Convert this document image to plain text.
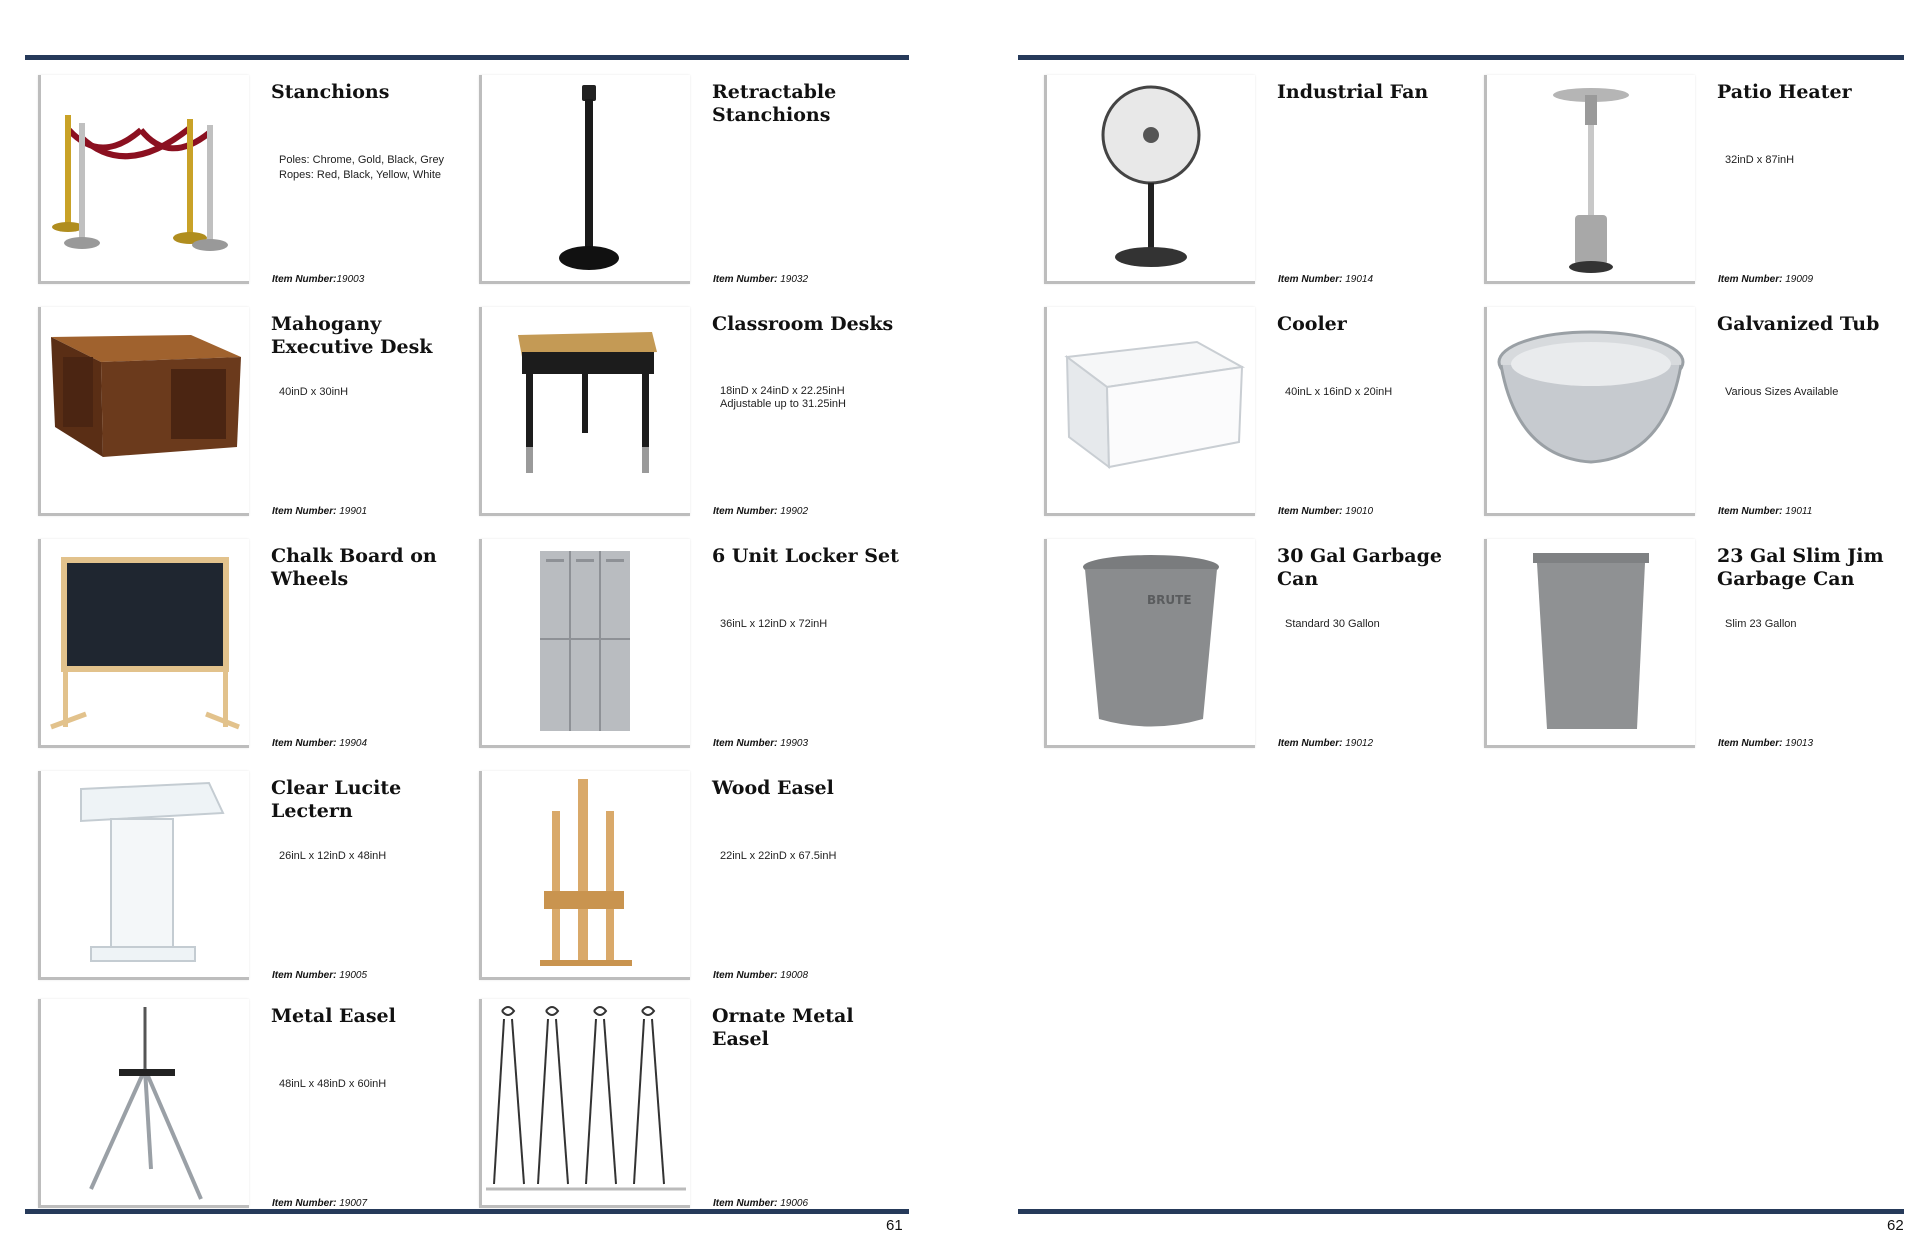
Stanchions
Poles: Chrome, Gold, Black, Grey
Ropes: Red, Black, Yellow, White
Item Number:19003
Retractable Stanchions
Item Number: 19032
Mahogany Executive Desk
40inD x 30inH
Item Number: 19901
Classroom Desks
18inD x 24inD x 22.25inH
Adjustable up to 31.25inH
Item Number: 19902
Chalk Board on Wheels
Item Number: 19904
6 Unit Locker Set
36inL x 12inD x 72inH
Item Number: 19903
Clear Lucite Lectern
26inL x 12inD x 48inH
Item Number: 19005
Wood Easel
22inL x 22inD x 67.5inH
Item Number: 19008
Metal Easel
48inL x 48inD x 60inH
Item Number: 19007
Ornate Metal Easel
Item Number: 19006
61
Industrial Fan
Item Number: 19014
Patio Heater
32inD x 87inH
Item Number: 19009
Cooler
40inL x 16inD x 20inH
Item Number: 19010
Galvanized Tub
Various Sizes Available
Item Number: 19011
BRUTE
30 Gal Garbage Can
Standard 30 Gallon
Item Number: 19012
23 Gal Slim Jim Garbage Can
Slim 23 Gallon
Item Number: 19013
62
